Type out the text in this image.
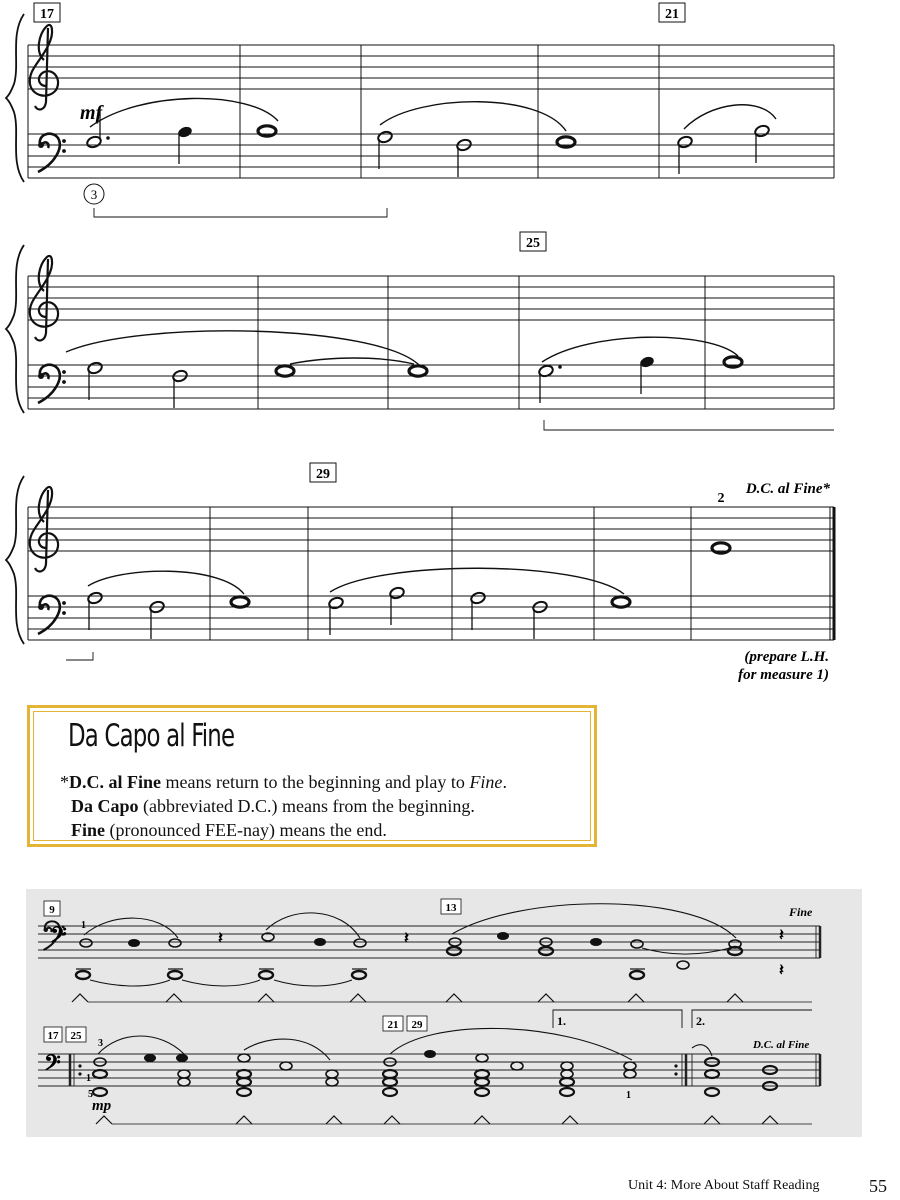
17	21
mf
3
25
29
2
D.C. al Fine*
(prepare L.H.
for measure 1)
𝄢
9	13
1
Fine
𝄽	𝄽	𝄽
𝄽
𝄢
17 25
21 29	1.	2.
3
1
5	1
mp
D.C. al Fine
Da Capo al Fine
*D.C. al Fine means return to the beginning and play to Fine.
Da Capo (abbreviated D.C.) means from the beginning.
Fine (pronounced FEE-nay) means the end.
Unit 4: More About Staff Reading	55
